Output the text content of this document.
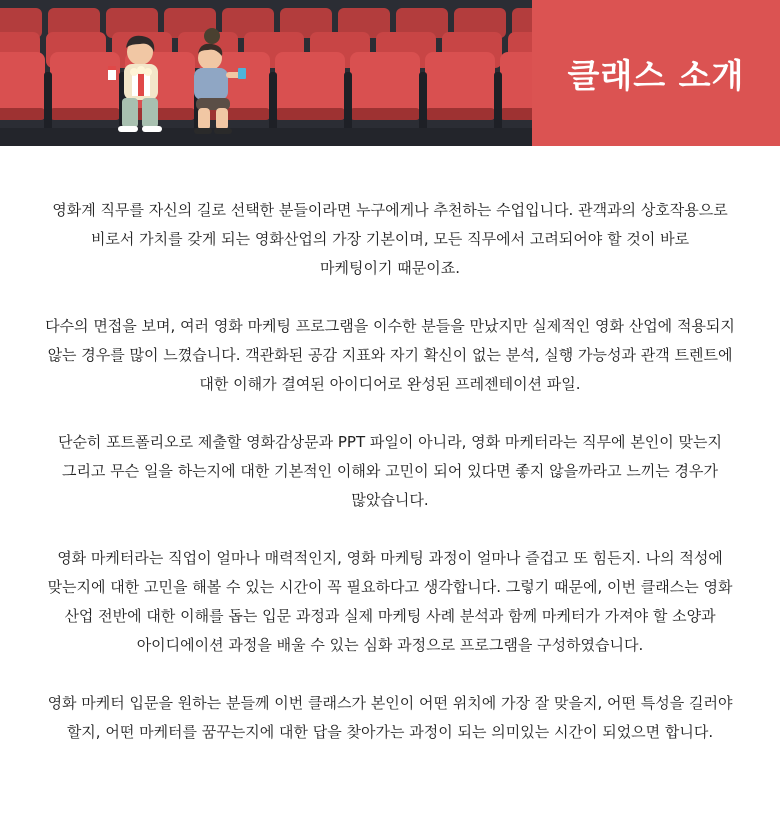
클래스 소개

영화계 직무를 자신의 길로 선택한 분들이라면 누구에게나 추천하는 수업입니다. 관객과의 상호작용으로
비로서 가치를 갖게 되는 영화산업의 가장 기본이며, 모든 직무에서 고려되어야 할 것이 바로
마케팅이기 때문이죠.

다수의 면접을 보며, 여러 영화 마케팅 프로그램을 이수한 분들을 만났지만 실제적인 영화 산업에 적용되지
않는 경우를 많이 느꼈습니다. 객관화된 공감 지표와 자기 확신이 없는 분석, 실행 가능성과 관객 트렌트에
대한 이해가 결여된 아이디어로 완성된 프레젠테이션 파일.

단순히 포트폴리오로 제출할 영화감상문과 PPT 파일이 아니라, 영화 마케터라는 직무에 본인이 맞는지
그리고 무슨 일을 하는지에 대한 기본적인 이해와 고민이 되어 있다면 좋지 않을까라고 느끼는 경우가
많았습니다.

영화 마케터라는 직업이 얼마나 매력적인지, 영화 마케팅 과정이 얼마나 즐겁고 또 힘든지. 나의 적성에
맞는지에 대한 고민을 해볼 수 있는 시간이 꼭 필요하다고 생각합니다. 그렇기 때문에, 이번 클래스는 영화
산업 전반에 대한 이해를 돕는 입문 과정과 실제 마케팅 사례 분석과 함께 마케터가 가져야 할 소양과
아이디에이션 과정을 배울 수 있는 심화 과정으로 프로그램을 구성하였습니다.

영화 마케터 입문을 원하는 분들께 이번 클래스가 본인이 어떤 위치에 가장 잘 맞을지, 어떤 특성을 길러야
할지, 어떤 마케터를 꿈꾸는지에 대한 답을 찾아가는 과정이 되는 의미있는 시간이 되었으면 합니다.
